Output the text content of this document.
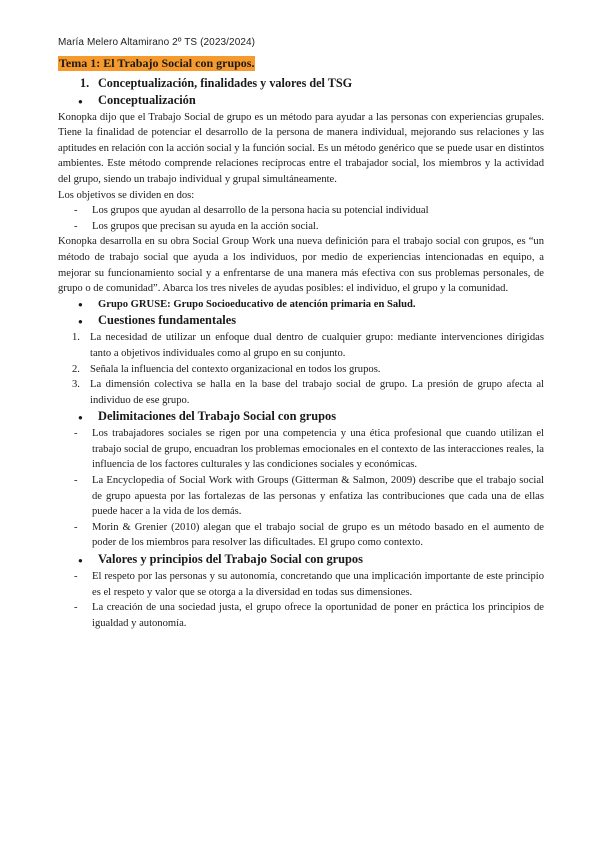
María Melero Altamirano 2º TS (2023/2024)
Tema 1: El Trabajo Social con grupos.
1. Conceptualización, finalidades y valores del TSG
●	Conceptualización

Konopka dijo que el Trabajo Social de grupo es un método para ayudar a las personas con experiencias grupales. Tiene la finalidad de potenciar el desarrollo de la persona de manera individual, mejorando sus relaciones y las aptitudes en relación con la acción social y la función social. Es un método genérico que se puede usar en distintos ambientes. Este método comprende relaciones recíprocas entre el trabajador social, los miembros y la actividad del grupo, siendo un trabajo individual y grupal simultáneamente.

Los objetivos se dividen en dos:

-	Los grupos que ayudan al desarrollo de la persona hacia su potencial individual
-	Los grupos que precisan su ayuda en la acción social.

Konopka desarrolla en su obra Social Group Work una nueva definición para el trabajo social con grupos, es “un método de trabajo social que ayuda a los individuos, por medio de experiencias intencionadas en equipo, a mejorar su funcionamiento social y a enfrentarse de una manera más efectiva con sus problemas personales, de grupo o de comunidad”. Abarca los tres niveles de ayudas posibles: el individuo, el grupo y la comunidad.

●	Grupo GRUSE: Grupo Socioeducativo de atención primaria en Salud.
●	Cuestiones fundamentales
1. La necesidad de utilizar un enfoque dual dentro de cualquier grupo: mediante intervenciones dirigidas tanto a objetivos individuales como al grupo en su conjunto.
2. Señala la influencia del contexto organizacional en todos los grupos.
3. La dimensión colectiva se halla en la base del trabajo social de grupo. La presión de grupo afecta al individuo de ese grupo.
●	Delimitaciones del Trabajo Social con grupos
-	Los trabajadores sociales se rigen por una competencia y una ética profesional que cuando utilizan el trabajo social de grupo, encuadran los problemas emocionales en el contexto de las interacciones reales, la influencia de los factores culturales y las condiciones sociales y económicas.
-	La Encyclopedia of Social Work with Groups (Gitterman & Salmon, 2009) describe que el trabajo social de grupo apuesta por las fortalezas de las personas y enfatiza las contribuciones que cada una de ellas puede hacer a la vida de los demás.
-	Morin & Grenier (2010) alegan que el trabajo social de grupo es un método basado en el aumento de poder de los miembros para resolver las dificultades. El grupo como contexto.
●	Valores y principios del Trabajo Social con grupos
-	El respeto por las personas y su autonomía, concretando que una implicación importante de este principio es el respeto y valor que se otorga a la diversidad en todas sus dimensiones.
-	La creación de una sociedad justa, el grupo ofrece la oportunidad de poner en práctica los principios de igualdad y autonomía.
